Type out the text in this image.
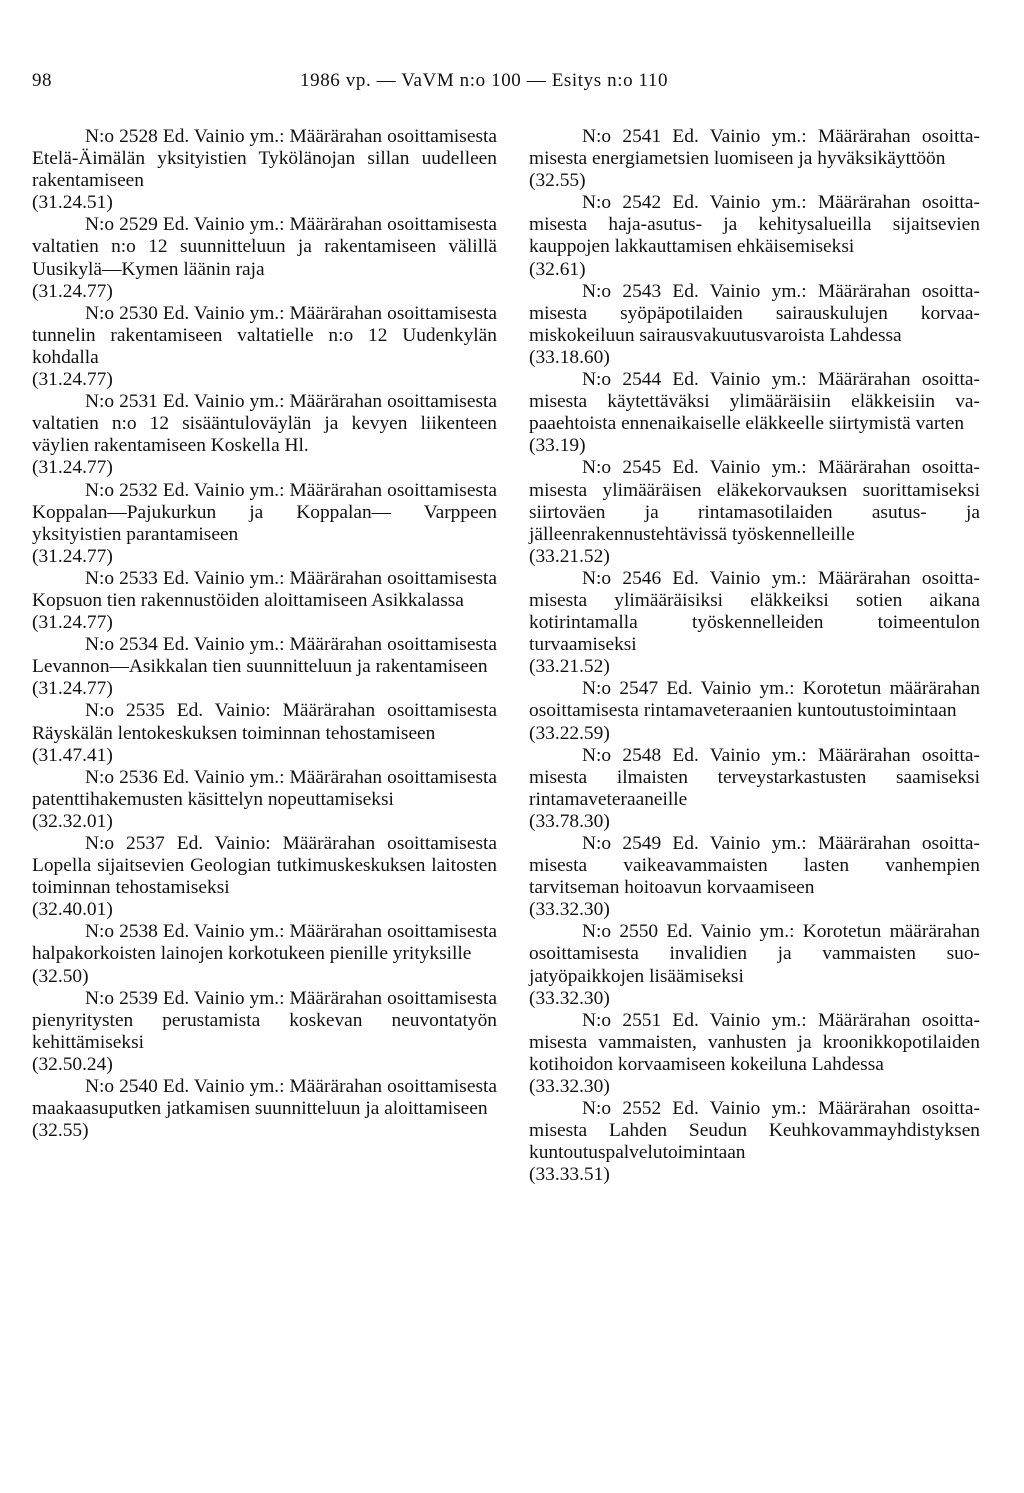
98	1986 vp. — VaVM n:o 100 — Esitys n:o 110
N:o 2528 Ed. Vainio ym.: Määrärahan osoittamisesta Etelä-Äimälän yksityistien Tykölänojan sillan uudelleen rakentamiseen
(31.24.51)
N:o 2529 Ed. Vainio ym.: Määrärahan osoittamisesta valtatien n:o 12 suunnitteluun ja rakentamiseen välillä Uusikylä—Kymen läänin raja
(31.24.77)
N:o 2530 Ed. Vainio ym.: Määrärahan osoittamisesta tunnelin rakentamiseen valtatielle n:o 12 Uudenkylän kohdalla
(31.24.77)
N:o 2531 Ed. Vainio ym.: Määrärahan osoittamisesta valtatien n:o 12 sisääntuloväylän ja kevyen liikenteen väylien rakentamiseen Koskella Hl.
(31.24.77)
N:o 2532 Ed. Vainio ym.: Määrärahan osoittamisesta Koppalan—Pajukurkun ja Koppalan— Varppeen yksityistien parantamiseen
(31.24.77)
N:o 2533 Ed. Vainio ym.: Määrärahan osoittamisesta Kopsuon tien rakennustöiden aloittamiseen Asikkalassa
(31.24.77)
N:o 2534 Ed. Vainio ym.: Määrärahan osoittamisesta Levannon—Asikkalan tien suunnitteluun ja rakentamiseen
(31.24.77)
N:o 2535 Ed. Vainio: Määrärahan osoittamisesta Räyskälän lentokeskuksen toiminnan tehostamiseen
(31.47.41)
N:o 2536 Ed. Vainio ym.: Määrärahan osoittamisesta patenttihakemusten käsittelyn nopeuttamiseksi
(32.32.01)
N:o 2537 Ed. Vainio: Määrärahan osoittamisesta Lopella sijaitsevien Geologian tutkimuskeskuksen laitosten toiminnan tehostamiseksi
(32.40.01)
N:o 2538 Ed. Vainio ym.: Määrärahan osoittamisesta halpakorkoisten lainojen korkotukeen pienille yrityksille
(32.50)
N:o 2539 Ed. Vainio ym.: Määrärahan osoittamisesta pienyritysten perustamista koskevan neuvontatyön kehittämiseksi
(32.50.24)
N:o 2540 Ed. Vainio ym.: Määrärahan osoittamisesta maakaasuputken jatkamisen suunnitteluun ja aloittamiseen
(32.55)
N:o 2541 Ed. Vainio ym.: Määrärahan osoittamisesta energiametsien luomiseen ja hyväksikäyttöön
(32.55)
N:o 2542 Ed. Vainio ym.: Määrärahan osoittamisesta haja-asutus- ja kehitysalueilla sijaitsevien kauppojen lakkauttamisen ehkäisemiseksi
(32.61)
N:o 2543 Ed. Vainio ym.: Määrärahan osoittamisesta syöpäpotilaiden sairauskulujen korvaamiskokeiluun sairausvakuutusvaroista Lahdessa
(33.18.60)
N:o 2544 Ed. Vainio ym.: Määrärahan osoittamisesta käytettäväksi ylimääräisiin eläkkeisiin vapaaehtoista ennenaikaiselle eläkkeelle siirtymistä varten
(33.19)
N:o 2545 Ed. Vainio ym.: Määrärahan osoittamisesta ylimääräisen eläkekorvauksen suorittamiseksi siirtoväen ja rintamasotilaiden asutus- ja jälleenrakennustehtävissä työskennelleille
(33.21.52)
N:o 2546 Ed. Vainio ym.: Määrärahan osoittamisesta ylimääräisiksi eläkkeiksi sotien aikana kotirintamalla työskennelleiden toimeentulon turvaamiseksi
(33.21.52)
N:o 2547 Ed. Vainio ym.: Korotetun määrärahan osoittamisesta rintamaveteraanien kuntoutustoimintaan
(33.22.59)
N:o 2548 Ed. Vainio ym.: Määrärahan osoittamisesta ilmaisten terveystarkastusten saamiseksi rintamaveteraaneille
(33.78.30)
N:o 2549 Ed. Vainio ym.: Määrärahan osoittamisesta vaikeavammaisten lasten vanhempien tarvitseman hoitoavun korvaamiseen
(33.32.30)
N:o 2550 Ed. Vainio ym.: Korotetun määrärahan osoittamisesta invalidien ja vammaisten suojatyöpaikkojen lisäämiseksi
(33.32.30)
N:o 2551 Ed. Vainio ym.: Määrärahan osoittamisesta vammaisten, vanhusten ja kroonikkopotilaiden kotihoidon korvaamiseen kokeiluna Lahdessa
(33.32.30)
N:o 2552 Ed. Vainio ym.: Määrärahan osoittamisesta Lahden Seudun Keuhkovammayhdistyksen kuntoutuspalvelutoimintaan
(33.33.51)
